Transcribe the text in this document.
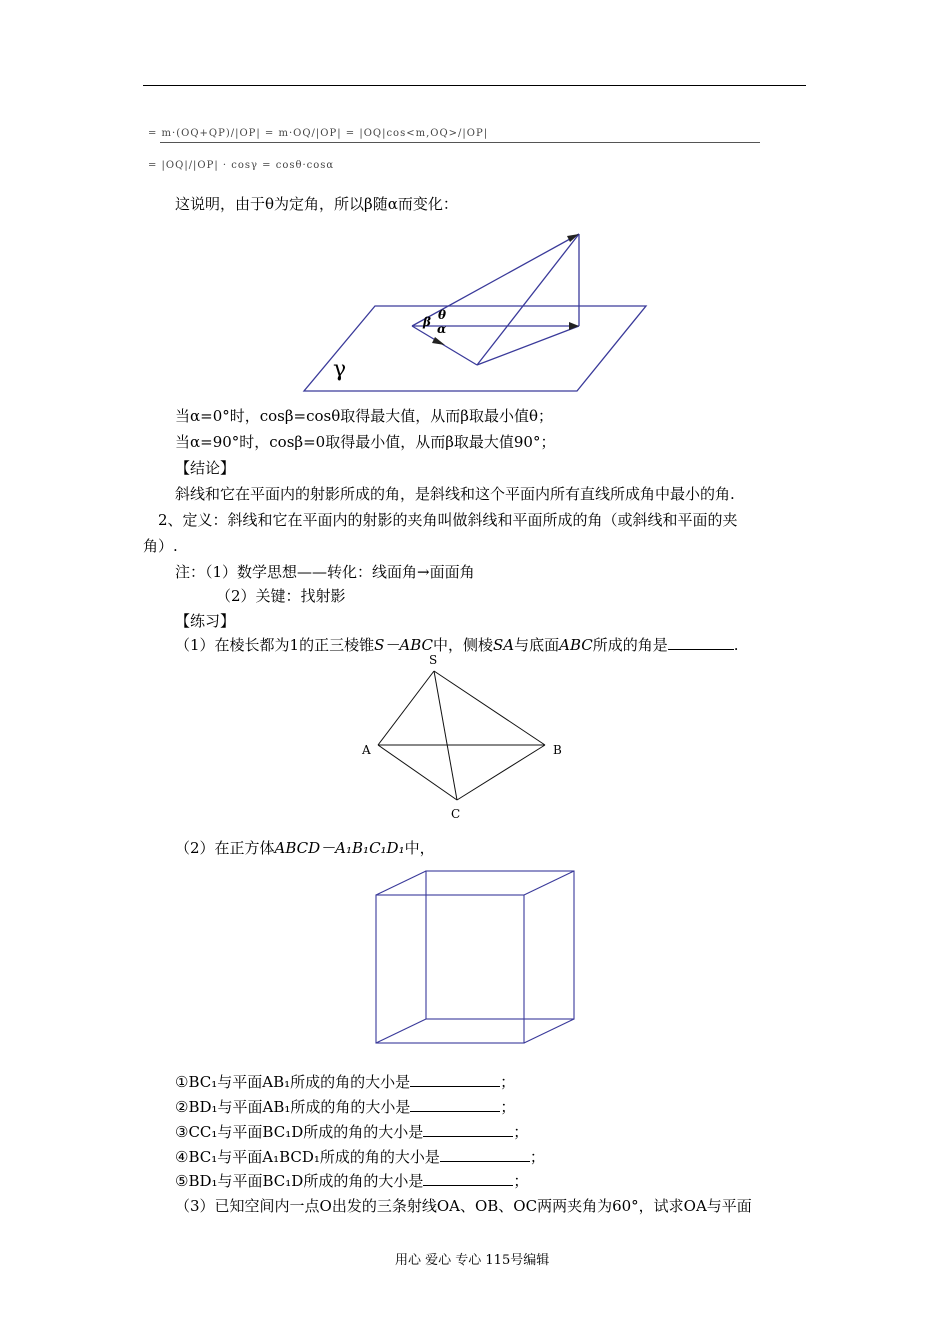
= m·(OQ+QP)/|OP| = m·OQ/|OP| = |OQ|cos<m,OQ>/|OP|
= |OQ|/|OP| · cosγ = cosθ·cosα
这说明，由于θ为定角，所以β随α而变化：
γ
β θ
α
当α=0°时，cosβ=cosθ取得最大值，从而β取最小值θ；
当α=90°时，cosβ=0取得最小值，从而β取最大值90°；
【结论】
斜线和它在平面内的射影所成的角，是斜线和这个平面内所有直线所成角中最小的角.
2、定义：斜线和它在平面内的射影的夹角叫做斜线和平面所成的角（或斜线和平面的夹
角）.
注：（1）数学思想——转化：线面角→面面角
（2）关键：找射影
【练习】
（1）在棱长都为1的正三棱锥S－ABC中，侧棱SA与底面ABC所成的角是	.
S
A	B
C
（2）在正方体ABCD－A₁B₁C₁D₁中，
①BC₁与平面AB₁所成的角的大小是	；
②BD₁与平面AB₁所成的角的大小是	；
③CC₁与平面BC₁D所成的角的大小是	；
④BC₁与平面A₁BCD₁所成的角的大小是	；
⑤BD₁与平面BC₁D所成的角的大小是	；
（3）已知空间内一点O出发的三条射线OA、OB、OC两两夹角为60°，试求OA与平面
用心 爱心 专心 115号编辑
